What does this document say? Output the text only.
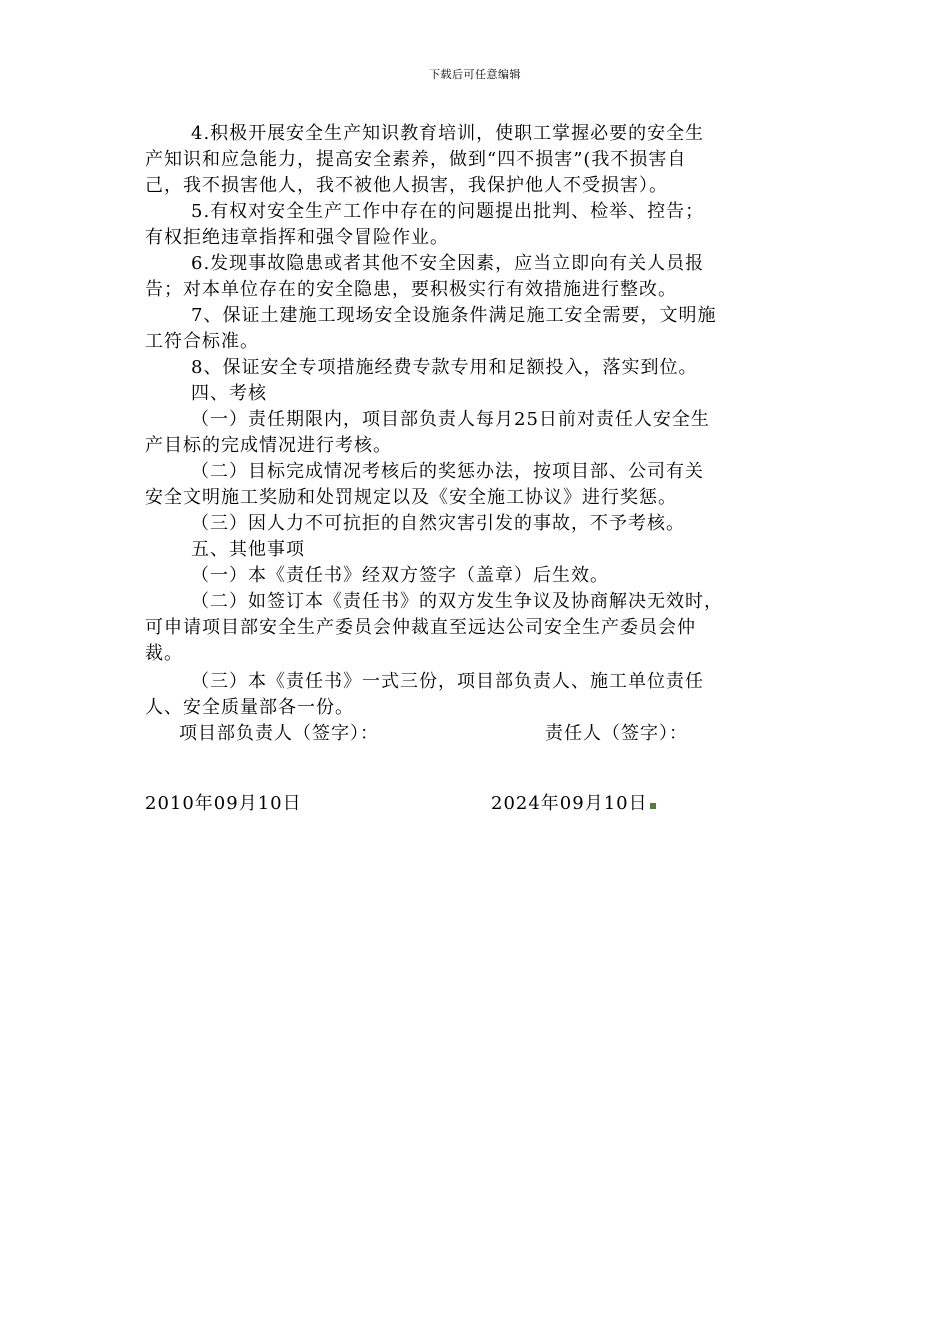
下载后可任意编辑
4.积极开展安全生产知识教育培训，使职工掌握必要的安全生
产知识和应急能力，提高安全素养，做到“四不损害”(我不损害自
己，我不损害他人，我不被他人损害，我保护他人不受损害）。
5.有权对安全生产工作中存在的问题提出批判、检举、控告；
有权拒绝违章指挥和强令冒险作业。
6.发现事故隐患或者其他不安全因素，应当立即向有关人员报
告；对本单位存在的安全隐患，要积极实行有效措施进行整改。
7、保证土建施工现场安全设施条件满足施工安全需要，文明施
工符合标准。
8、保证安全专项措施经费专款专用和足额投入，落实到位。
四、考核
（一）责任期限内，项目部负责人每月25日前对责任人安全生
产目标的完成情况进行考核。
（二）目标完成情况考核后的奖惩办法，按项目部、公司有关
安全文明施工奖励和处罚规定以及《安全施工协议》进行奖惩。
（三）因人力不可抗拒的自然灾害引发的事故，不予考核。
五、其他事项
（一）本《责任书》经双方签字（盖章）后生效。
（二）如签订本《责任书》的双方发生争议及协商解决无效时，
可申请项目部安全生产委员会仲裁直至远达公司安全生产委员会仲
裁。
（三）本《责任书》一式三份，项目部负责人、施工单位责任
人、安全质量部各一份。
项目部负责人（签字）：	责任人（签字）：
2010年09月10日	2024年09月10日
